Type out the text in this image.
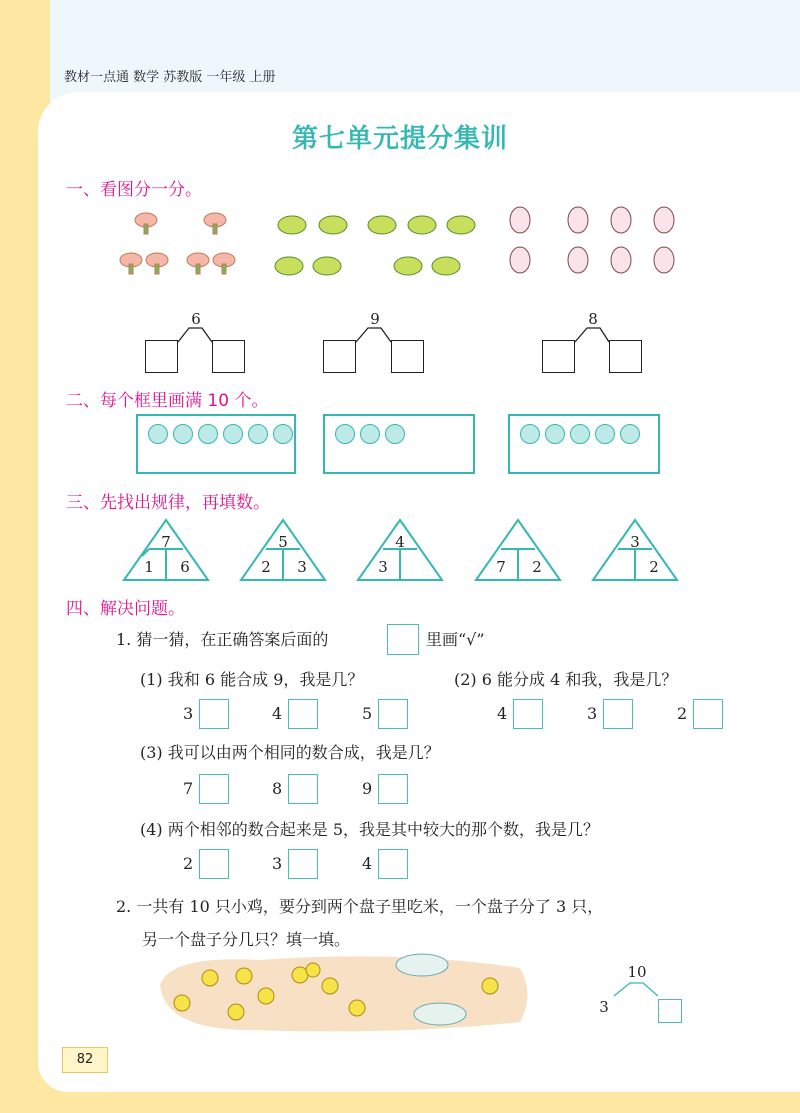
教材一点通 数学 苏教版 一年级 上册
第七单元提分集训
一、看图分一分。
6	9	8
二、每个框里画满 10 个。
三、先找出规律，再填数。
7
1 6
5
2 3
4
3	7 2
3
2
四、解决问题。
1. 猜一猜，在正确答案后面的	里画“√”
(1) 我和 6 能合成 9，我是几？	(2) 6 能分成 4 和我，我是几？
3	4	5	4	3	2
7	8	9
2	3	4
(3) 我可以由两个相同的数合成，我是几？
(4) 两个相邻的数合起来是 5，我是其中较大的那个数，我是几？
2. 一共有 10 只小鸡，要分到两个盘子里吃米，一个盘子分了 3 只，
另一个盘子分几只？填一填。
10
3
82
